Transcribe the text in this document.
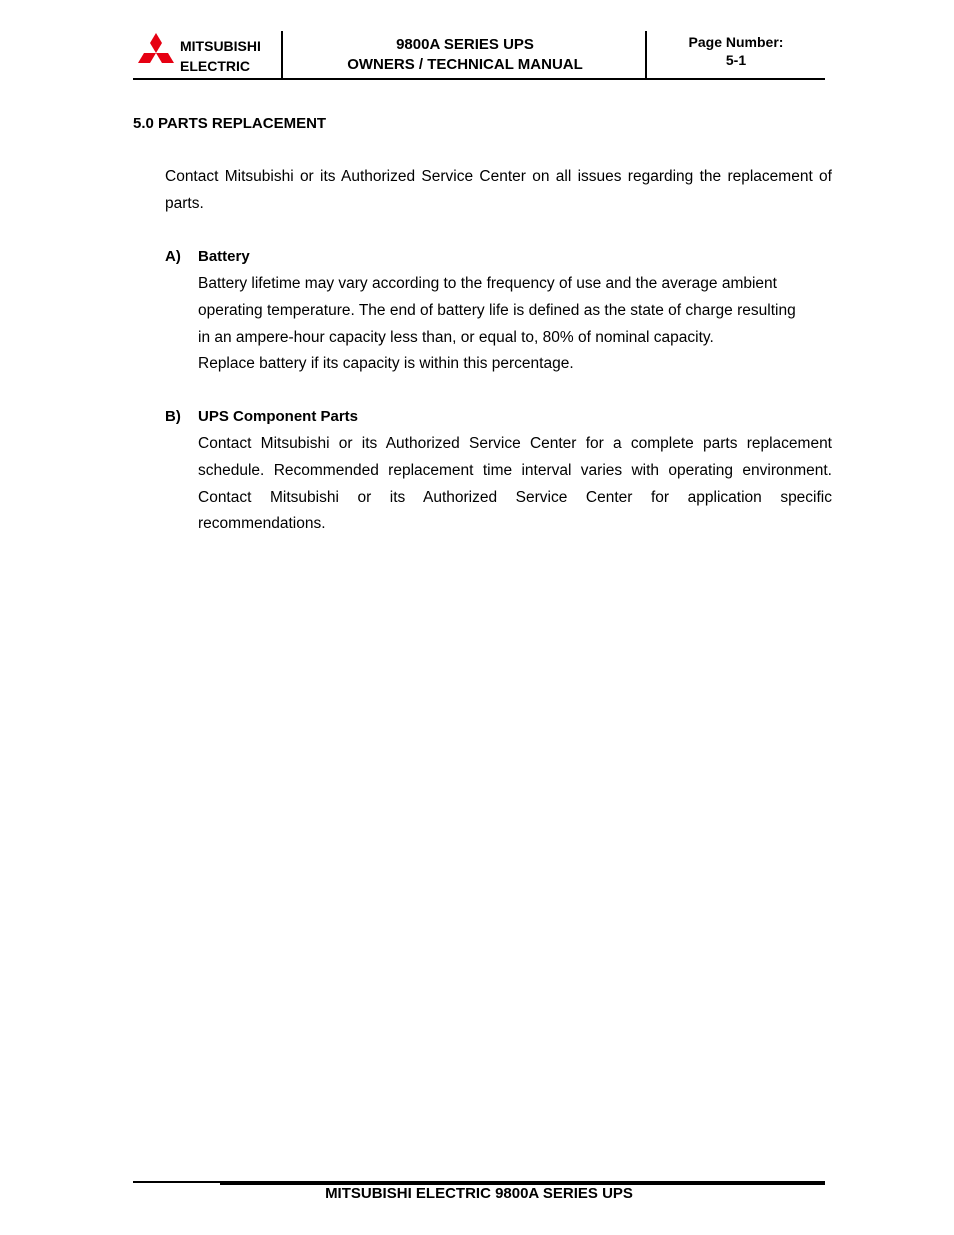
MITSUBISHI
ELECTRIC
9800A SERIES UPS
OWNERS / TECHNICAL MANUAL
Page Number:
5-1
5.0 PARTS REPLACEMENT
Contact Mitsubishi or its Authorized Service Center on all issues regarding the replacement of parts.
A) Battery
Battery lifetime may vary according to the frequency of use and the average ambient
operating temperature. The end of battery life is defined as the state of charge resulting
in an ampere-hour capacity less than, or equal to, 80% of nominal capacity.
Replace battery if its capacity is within this percentage.
B) UPS Component Parts
Contact Mitsubishi or its Authorized Service Center for a complete parts replacement schedule. Recommended replacement time interval varies with operating environment. Contact Mitsubishi or its Authorized Service Center for application specific recommendations.
MITSUBISHI ELECTRIC 9800A SERIES UPS
